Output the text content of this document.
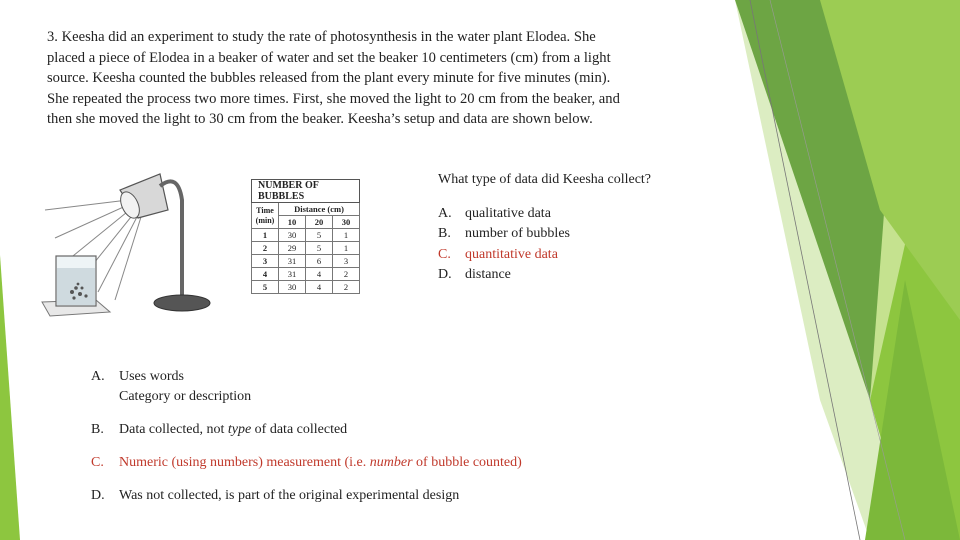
3. Keesha did an experiment to study the rate of photosynthesis in the water plant Elodea. She
placed a piece of Elodea in a beaker of water and set the beaker 10 centimeters (cm) from a light
source. Keesha counted the bubbles released from the plant every minute for five minutes (min).
She repeated the process two more times. First, she moved the light to 20 cm from the beaker, and
then she moved the light to 30 cm from the beaker. Keesha’s setup and data are shown below.
NUMBER OF BUBBLES			
Time
(min)	Distance (cm)		
	10	20	30
1	30	5	1
2	29	5	1
3	31	6	3
4	31	4	2
5	30	4	2
What type of data did Keesha collect?
A. qualitative data
B.	number of bubbles
C.	quantitative data
D. distance
A.	Uses words
Category or description
B.	Data collected, not type of data collected
C.	Numeric (using numbers) measurement (i.e. number of bubble counted)
D.	Was not collected, is part of the original experimental design
